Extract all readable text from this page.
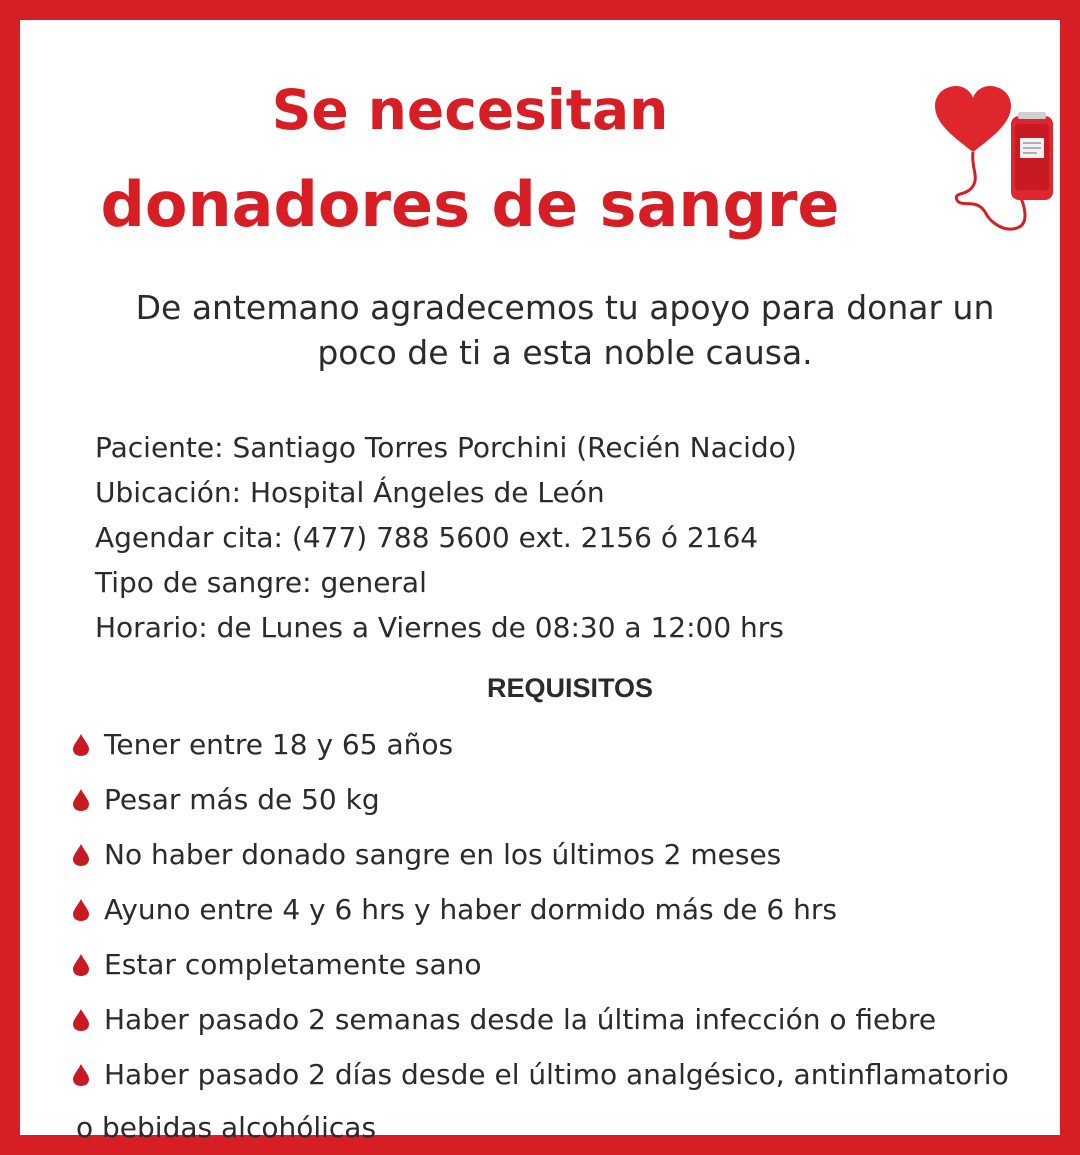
Se necesitan
donadores de sangre
De antemano agradecemos tu apoyo para donar un
poco de ti a esta noble causa.
Paciente: Santiago Torres Porchini (Recién Nacido)
Ubicación: Hospital Ángeles de León
Agendar cita: (477) 788 5600 ext. 2156 ó 2164
Tipo de sangre: general
Horario: de Lunes a Viernes de 08:30 a 12:00 hrs
REQUISITOS
Tener entre 18 y 65 años
Pesar más de 50 kg
No haber donado sangre en los últimos 2 meses
Ayuno entre 4 y 6 hrs y haber dormido más de 6 hrs
Estar completamente sano
Haber pasado 2 semanas desde la última infección o fiebre
Haber pasado 2 días desde el último analgésico, antinflamatorio
o bebidas alcohólicas
